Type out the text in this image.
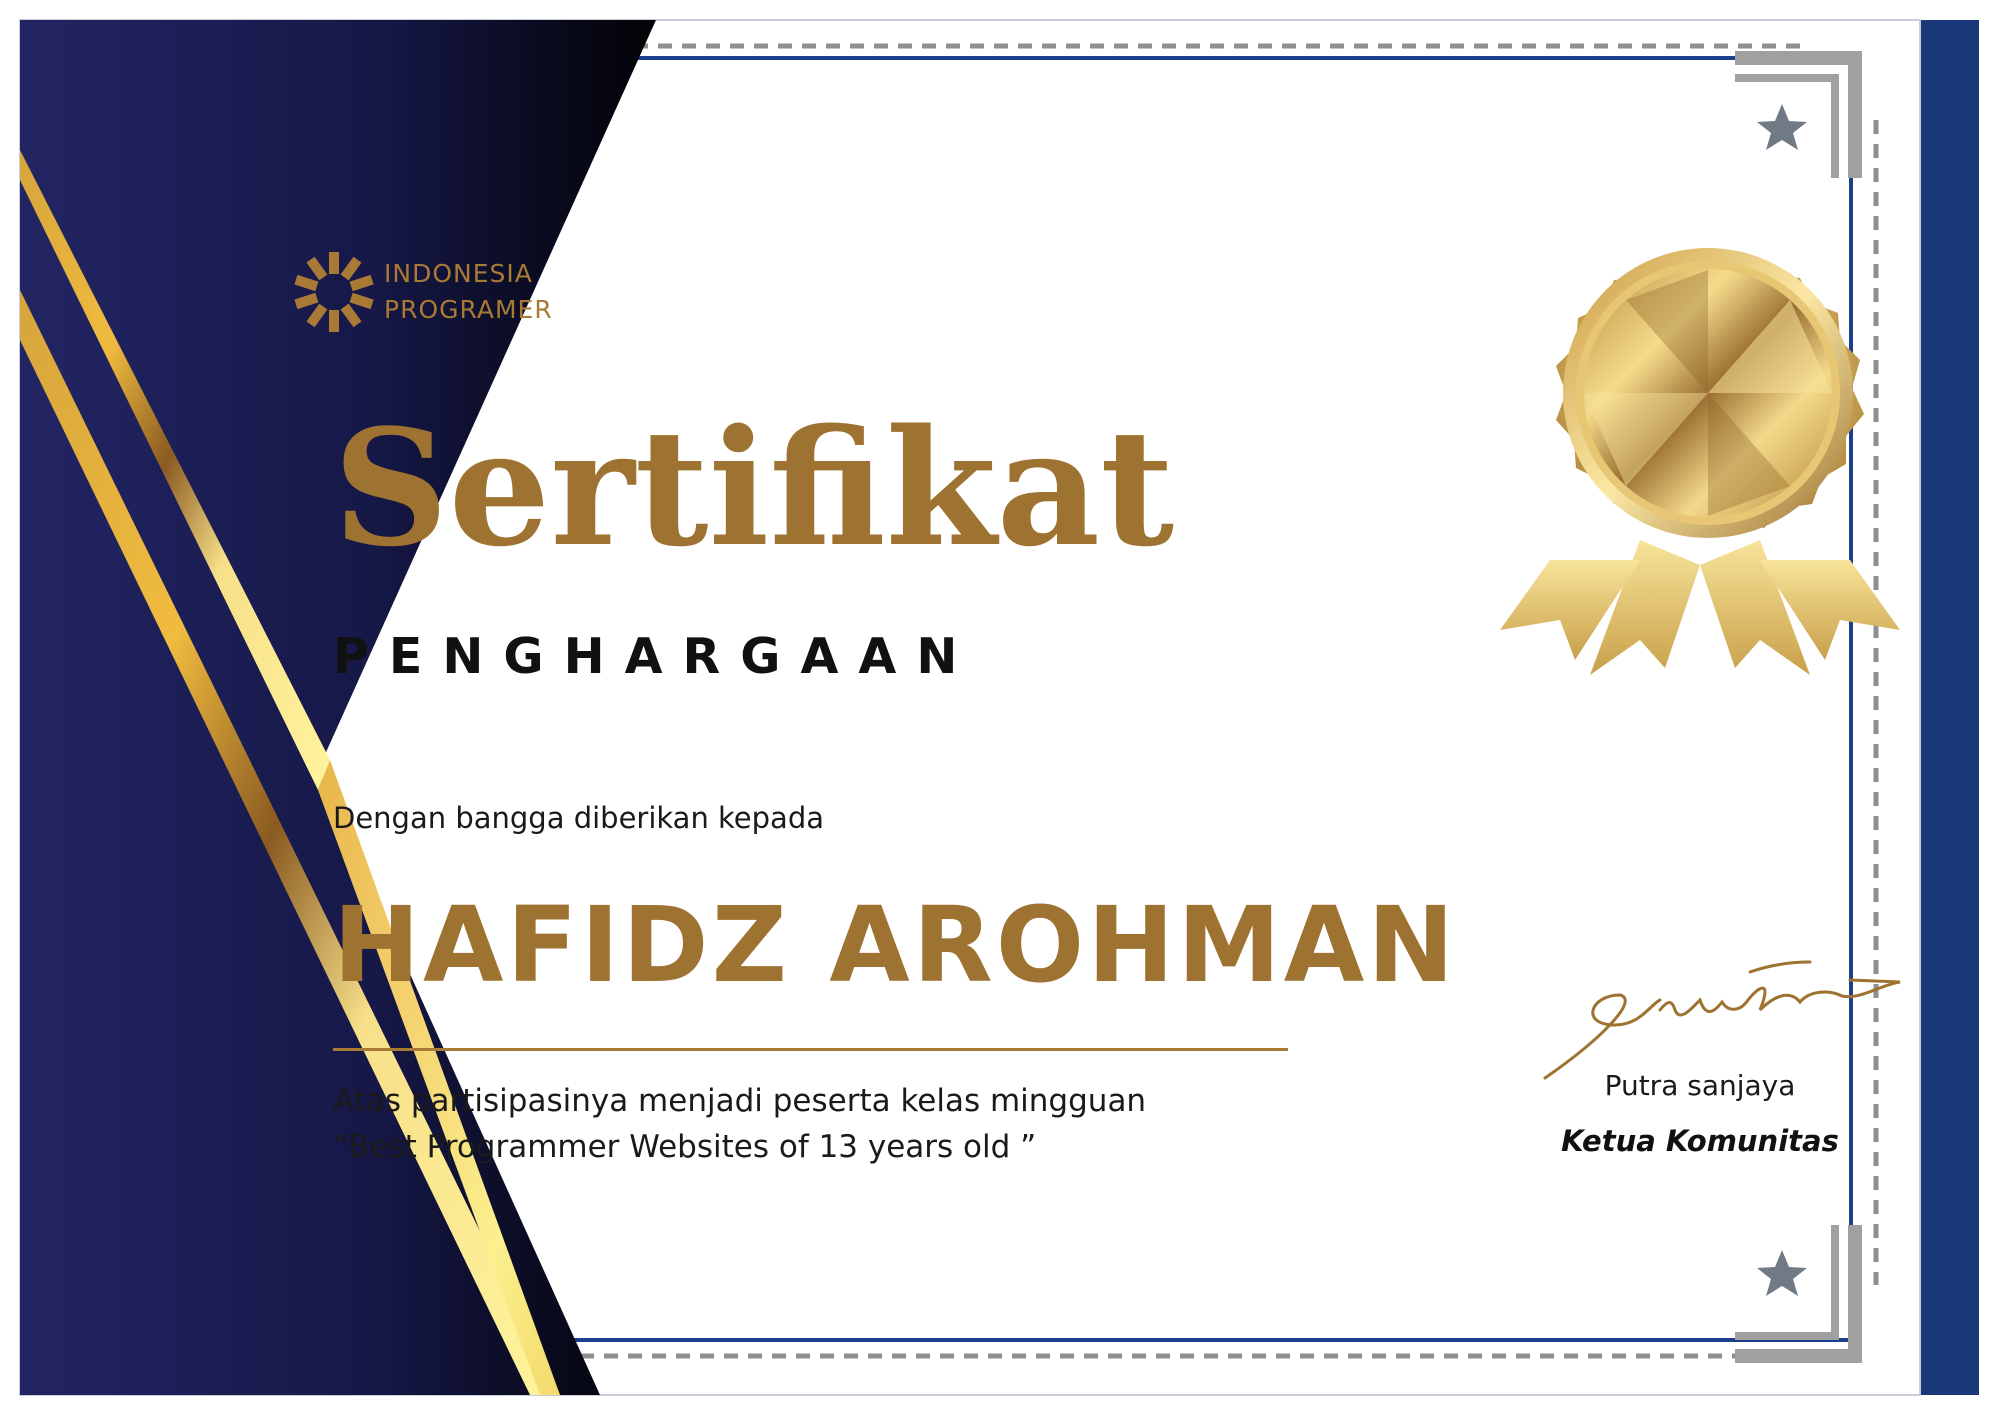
INDONESIA
PROGRAMER
Sertifikat
PENGHARGAAN
Dengan bangga diberikan kepada
HAFIDZ AROHMAN
Atas partisipasinya menjadi peserta kelas mingguan
“Best Programmer Websites of 13 years old ”
Putra sanjaya
Ketua Komunitas
